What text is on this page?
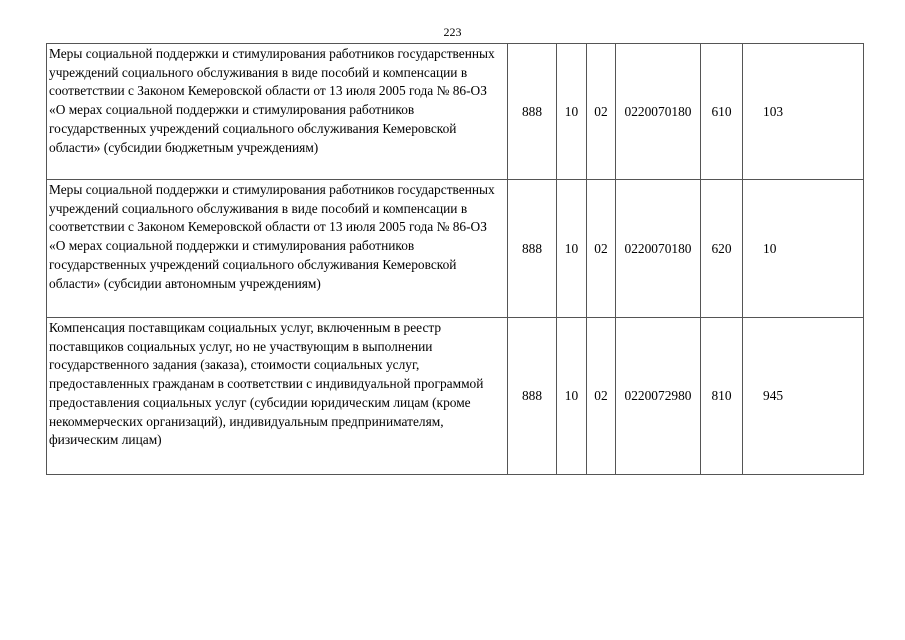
223
Меры социальной поддержки и стимулирования работников государственных учреждений социального обслуживания в виде пособий и компенсации в соответствии с Законом Кемеровской области от 13 июля 2005 года № 86-ОЗ «О мерах социальной поддержки и стимулирования работников государственных учреждений социального обслуживания Кемеровской области» (субсидии бюджетным учреждениям)	888	10	02	0220070180	610	103
Меры социальной поддержки и стимулирования работников государственных учреждений социального обслуживания в виде пособий и компенсации в соответствии с Законом Кемеровской области от 13 июля 2005 года № 86-ОЗ «О мерах социальной поддержки и стимулирования работников государственных учреждений социального обслуживания Кемеровской области» (субсидии автономным учреждениям)	888	10	02	0220070180	620	10
Компенсация поставщикам социальных услуг, включенным в реестр поставщиков социальных услуг, но не участвующим в выполнении государственного задания (заказа), стоимости социальных услуг, предоставленных гражданам в соответствии с индивидуальной программой предоставления социальных услуг (субсидии юридическим лицам (кроме некоммерческих организаций), индивидуальным предпринимателям, физическим лицам)	888	10	02	0220072980	810	945
